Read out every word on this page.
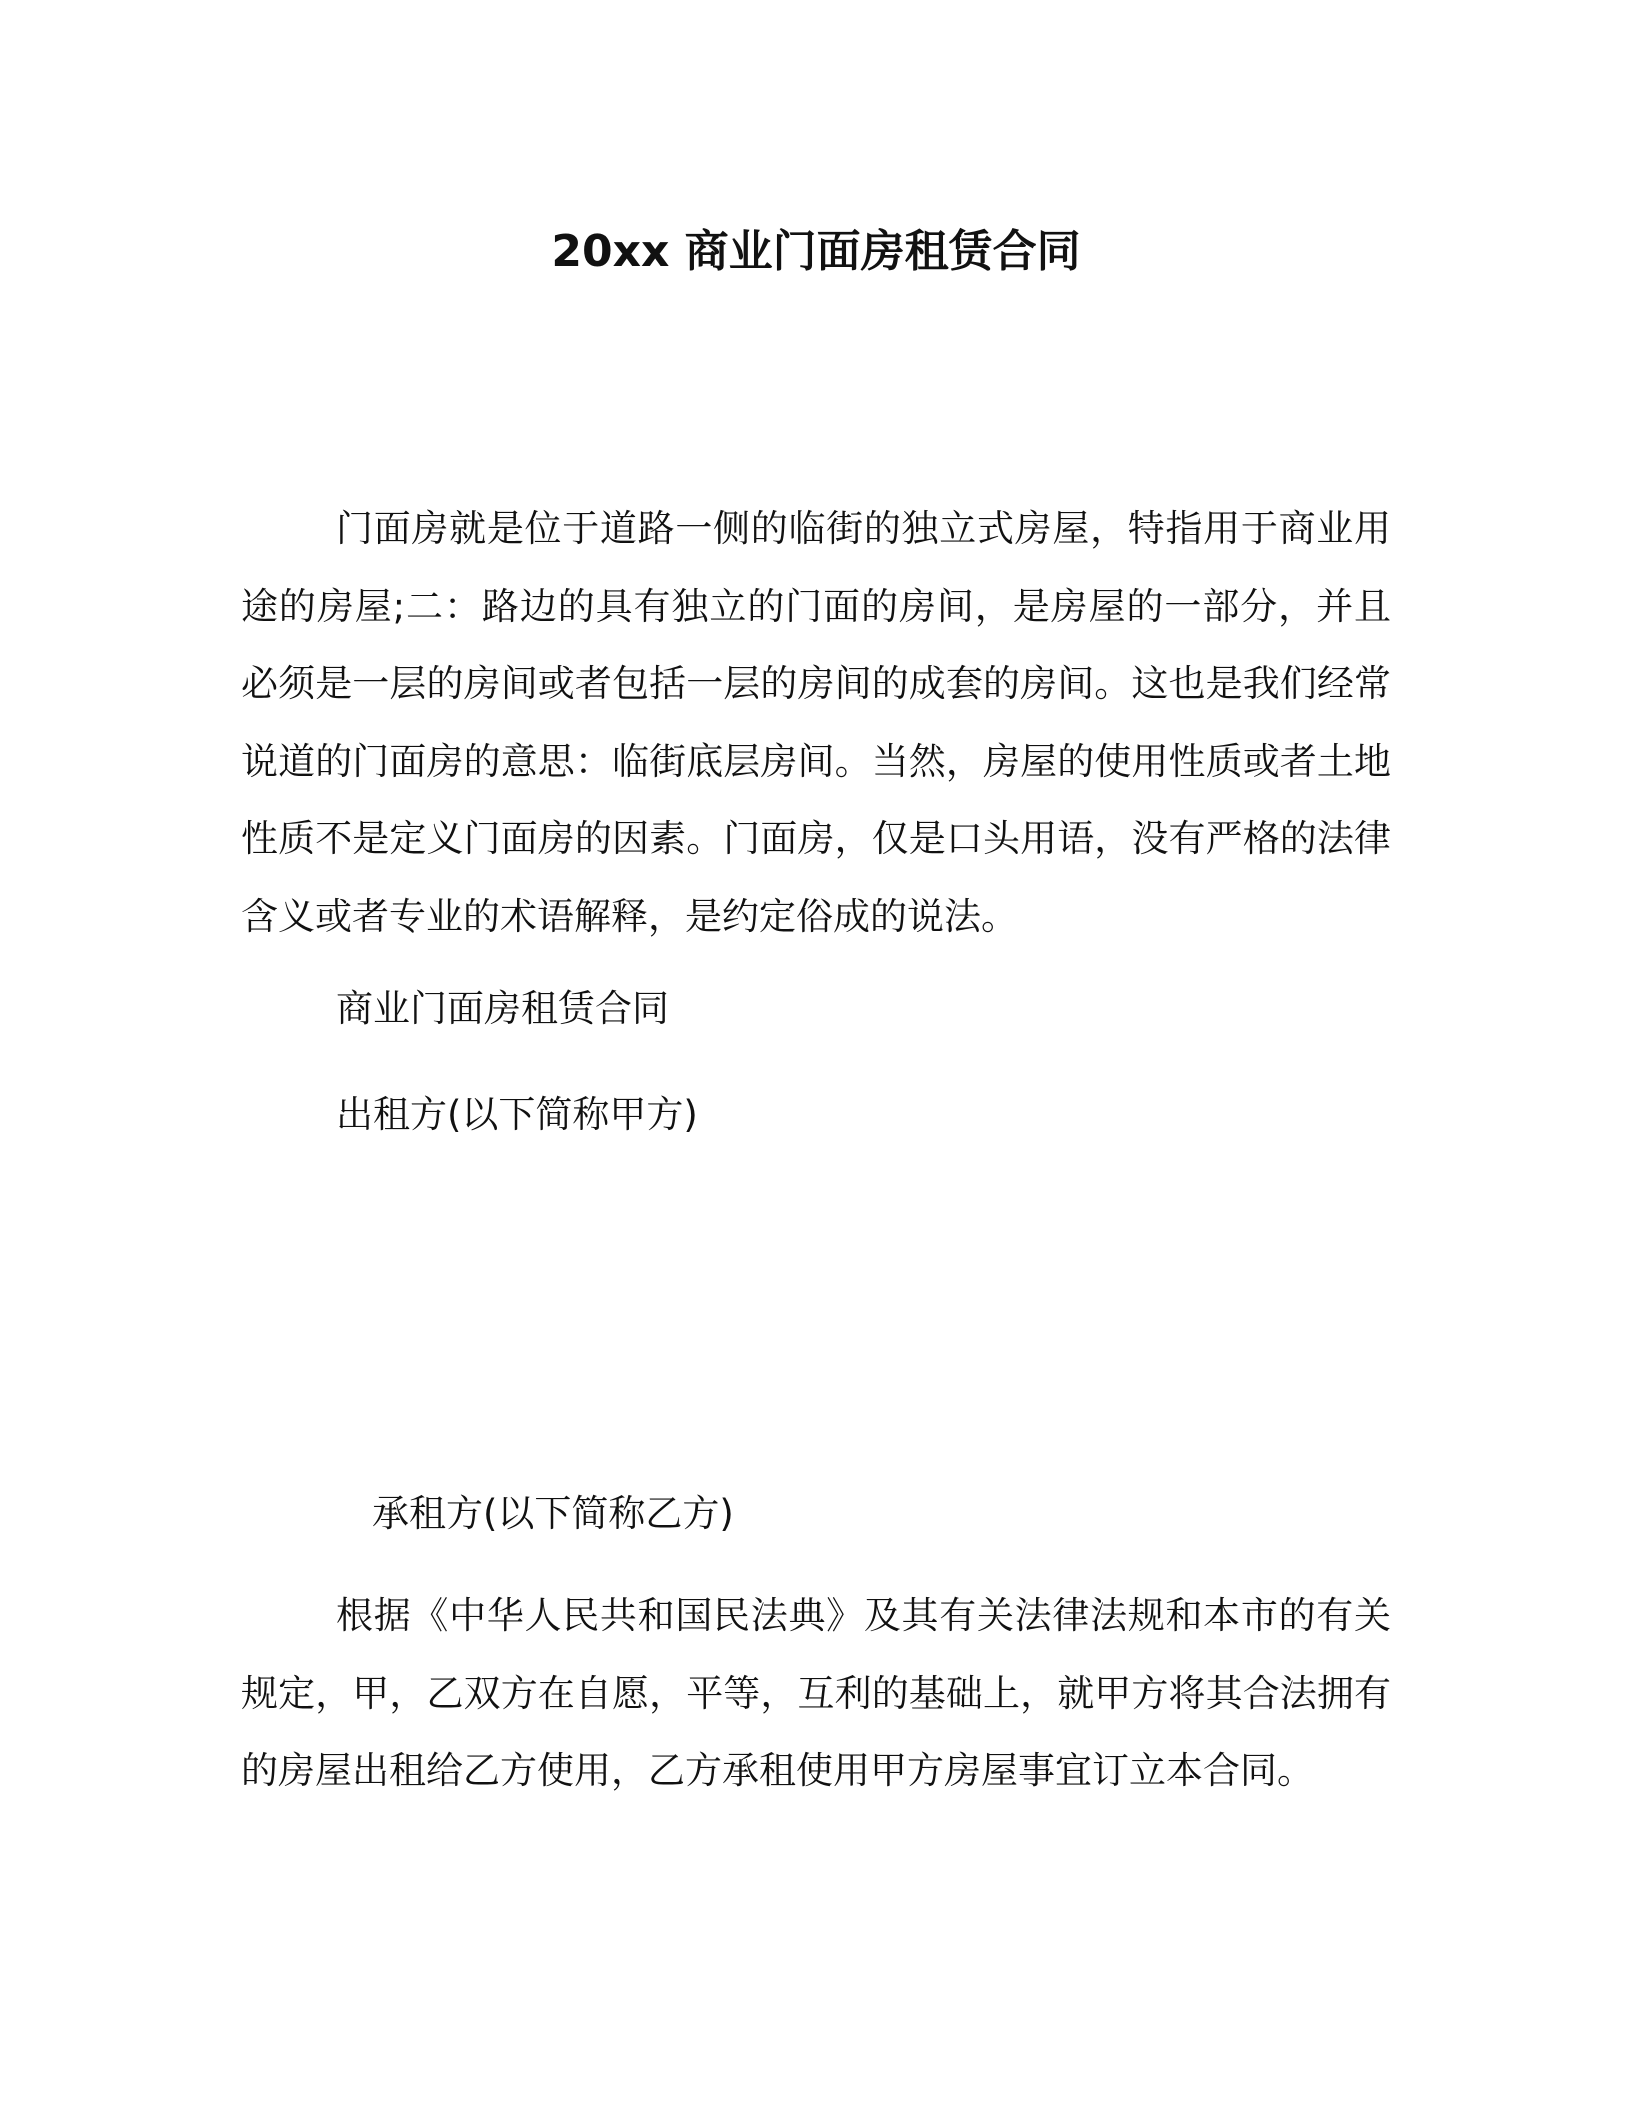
20xx 商业门面房租赁合同

门面房就是位于道路一侧的临街的独立式房屋，特指用于商业用途的房屋;二：路边的具有独立的门面的房间，是房屋的一部分，并且必须是一层的房间或者包括一层的房间的成套的房间。这也是我们经常说道的门面房的意思：临街底层房间。当然，房屋的使用性质或者土地性质不是定义门面房的因素。门面房，仅是口头用语，没有严格的法律含义或者专业的术语解释，是约定俗成的说法。

商业门面房租赁合同

出租方(以下简称甲方)

承租方(以下简称乙方)

根据《中华人民共和国民法典》及其有关法律法规和本市的有关规定，甲，乙双方在自愿，平等，互利的基础上，就甲方将其合法拥有的房屋出租给乙方使用，乙方承租使用甲方房屋事宜订立本合同。
